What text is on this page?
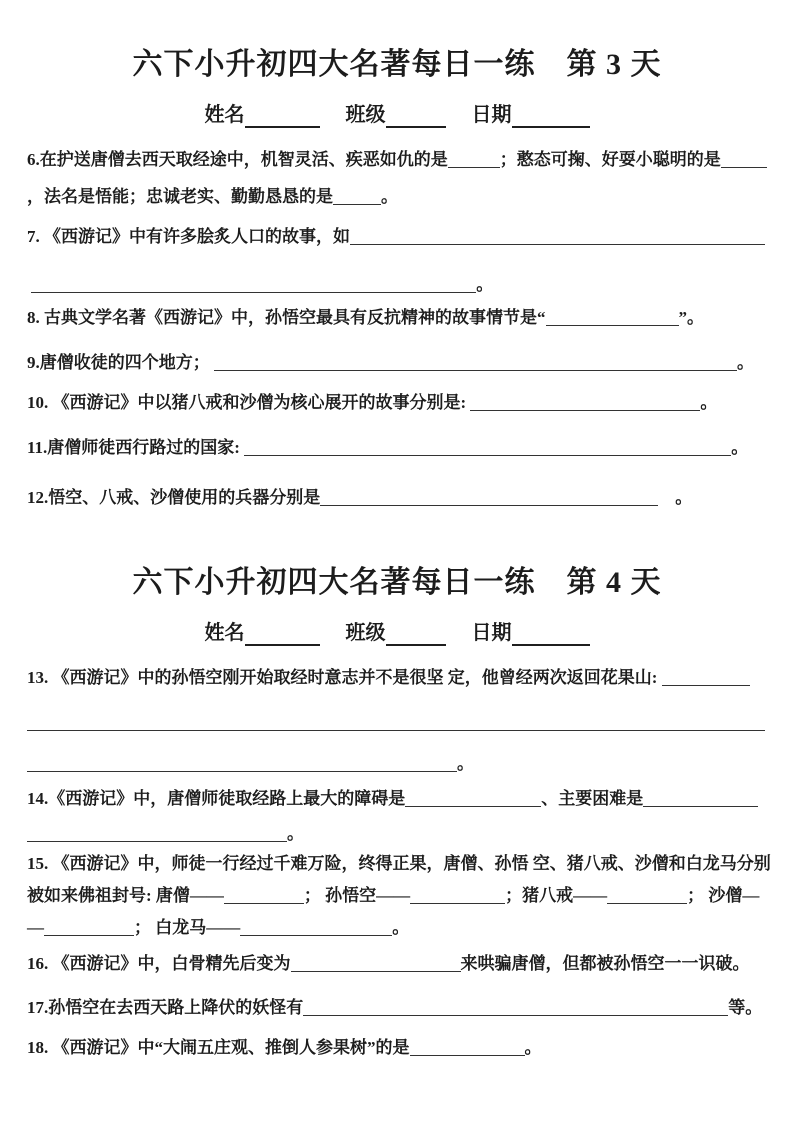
六下小升初四大名著每日一练　第 3 天
姓名	班级	日期
6.在护送唐僧去西天取经途中，机智灵活、疾恶如仇的是	；憨态可掬、好耍小聪明的是
，法名是悟能；忠诚老实、勤勤恳恳的是	。
7. 《西游记》中有许多脍炙人口的故事，如
。
8. 古典文学名著《西游记》中，孙悟空最具有反抗精神的故事情节是“	”。
9.唐僧收徒的四个地方；	。
10. 《西游记》中以猪八戒和沙僧为核心展开的故事分别是:	。
11.唐僧师徒西行路过的国家:	。
12.悟空、八戒、沙僧使用的兵器分别是	　。
六下小升初四大名著每日一练　第 4 天
姓名	班级	日期
13. 《西游记》中的孙悟空刚开始取经时意志并不是很坚 定，他曾经两次返回花果山:
。
14.《西游记》中，唐僧师徒取经路上最大的障碍是	、主要困难是
。
15. 《西游记》中，师徒一行经过千难万险，终得正果，唐僧、孙悟 空、猪八戒、沙僧和白龙马分别
被如来佛祖封号: 唐僧——	； 孙悟空——	；猪八戒——	； 沙僧—
—	； 白龙马——	。
16. 《西游记》中，白骨精先后变为	来哄骗唐僧，但都被孙悟空一一识破。
17.孙悟空在去西天路上降伏的妖怪有	等。
18. 《西游记》中“大闹五庄观、推倒人参果树”的是	。
